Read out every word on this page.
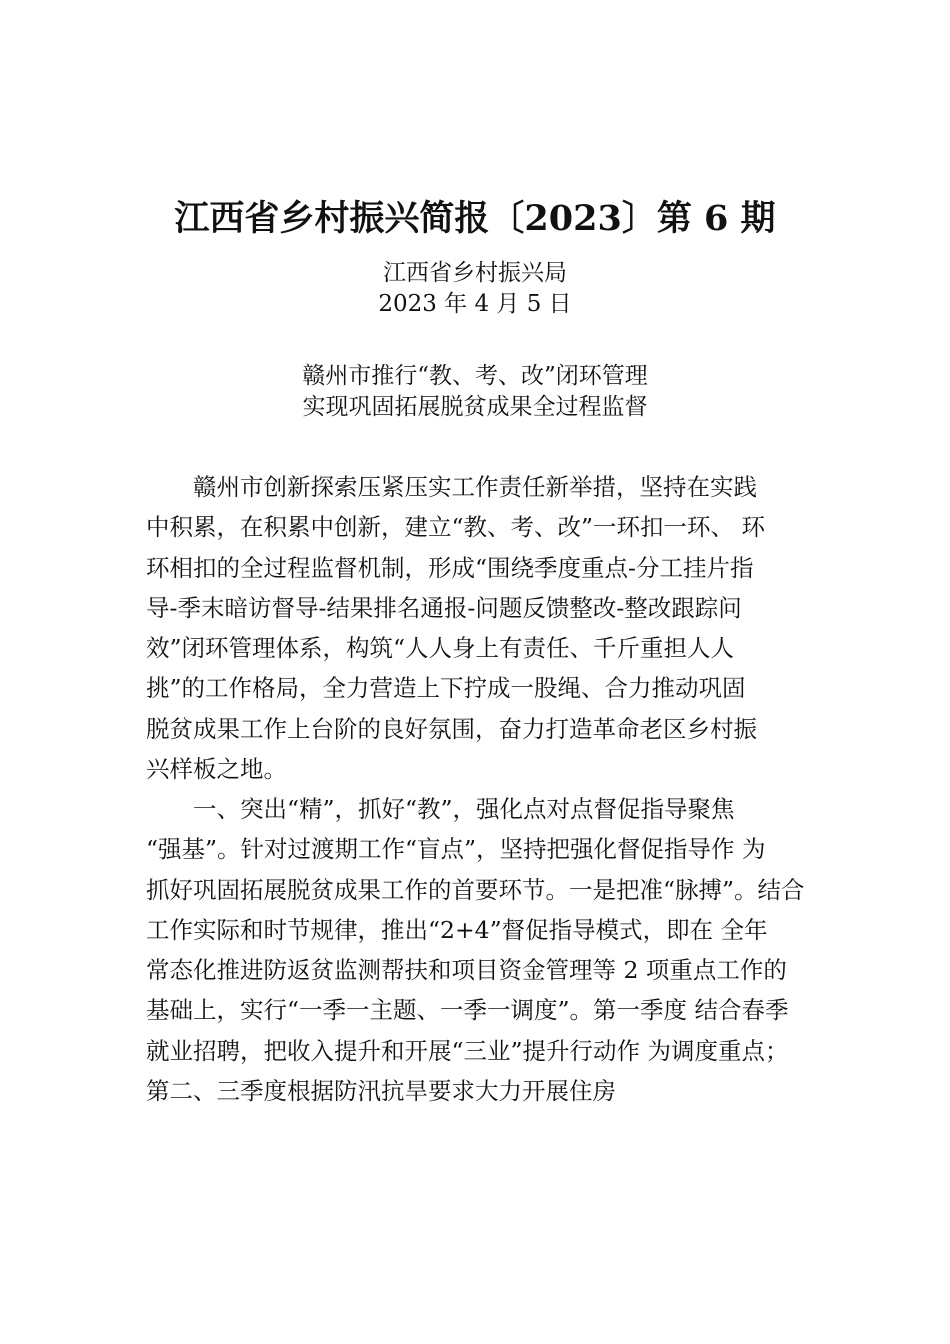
江西省乡村振兴简报〔2023〕第 6 期
江西省乡村振兴局
2023 年 4 月 5 日
赣州市推行“教、考、改”闭环管理
实现巩固拓展脱贫成果全过程监督
　　赣州市创新探索压紧压实工作责任新举措，坚持在实践
中积累，在积累中创新，建立“教、考、改”一环扣一环、 环
环相扣的全过程监督机制，形成“围绕季度重点-分工挂片指
导-季末暗访督导-结果排名通报-问题反馈整改-整改跟踪问
效”闭环管理体系，构筑“人人身上有责任、千斤重担人人
挑”的工作格局，全力营造上下拧成一股绳、合力推动巩固
脱贫成果工作上台阶的良好氛围，奋力打造革命老区乡村振
兴样板之地。
　　一、突出“精”，抓好“教”，强化点对点督促指导聚焦
“强基”。针对过渡期工作“盲点”，坚持把强化督促指导作 为
抓好巩固拓展脱贫成果工作的首要环节。一是把准“脉搏”。结合
工作实际和时节规律，推出“2+4”督促指导模式，即在 全年
常态化推进防返贫监测帮扶和项目资金管理等 2 项重点工作的
基础上，实行“一季一主题、一季一调度”。第一季度 结合春季
就业招聘，把收入提升和开展“三业”提升行动作 为调度重点；
第二、三季度根据防汛抗旱要求大力开展住房
